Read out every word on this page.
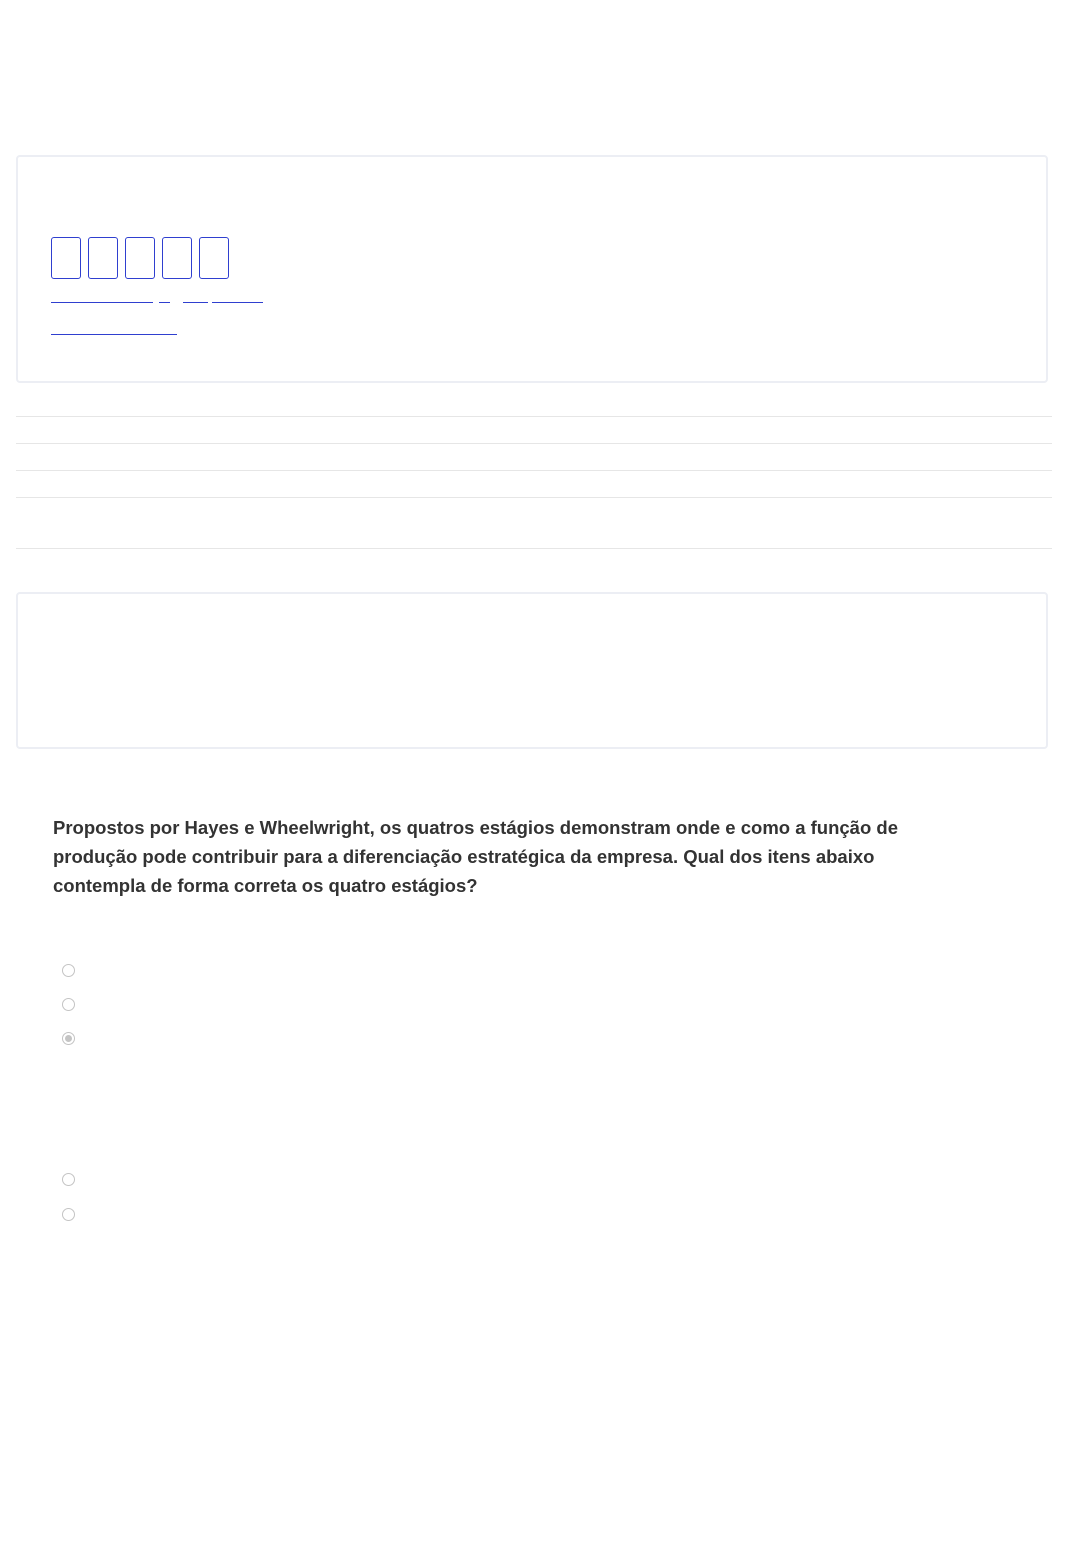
Propostos por Hayes e Wheelwright, os quatros estágios demonstram onde e como a função de produção pode contribuir para a diferenciação estratégica da empresa. Qual dos itens abaixo contempla de forma correta os quatro estágios?
